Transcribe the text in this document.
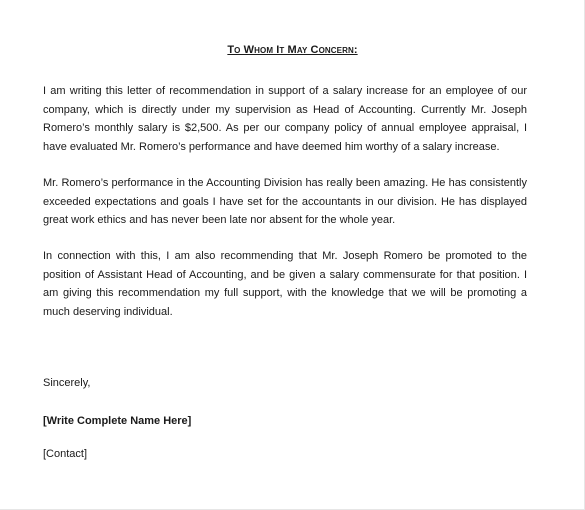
To Whom It May Concern:

I am writing this letter of recommendation in support of a salary increase for an employee of our company, which is directly under my supervision as Head of Accounting. Currently Mr. Joseph Romero’s monthly salary is $2,500. As per our company policy of annual employee appraisal, I have evaluated Mr. Romero’s performance and have deemed him worthy of a salary increase.

Mr. Romero’s performance in the Accounting Division has really been amazing. He has consistently exceeded expectations and goals I have set for the accountants in our division. He has displayed great work ethics and has never been late nor absent for the whole year.

In connection with this, I am also recommending that Mr. Joseph Romero be promoted to the position of Assistant Head of Accounting, and be given a salary commensurate for that position. I am giving this recommendation my full support, with the knowledge that we will be promoting a much deserving individual.

Sincerely,
[Write Complete Name Here]
[Contact]
